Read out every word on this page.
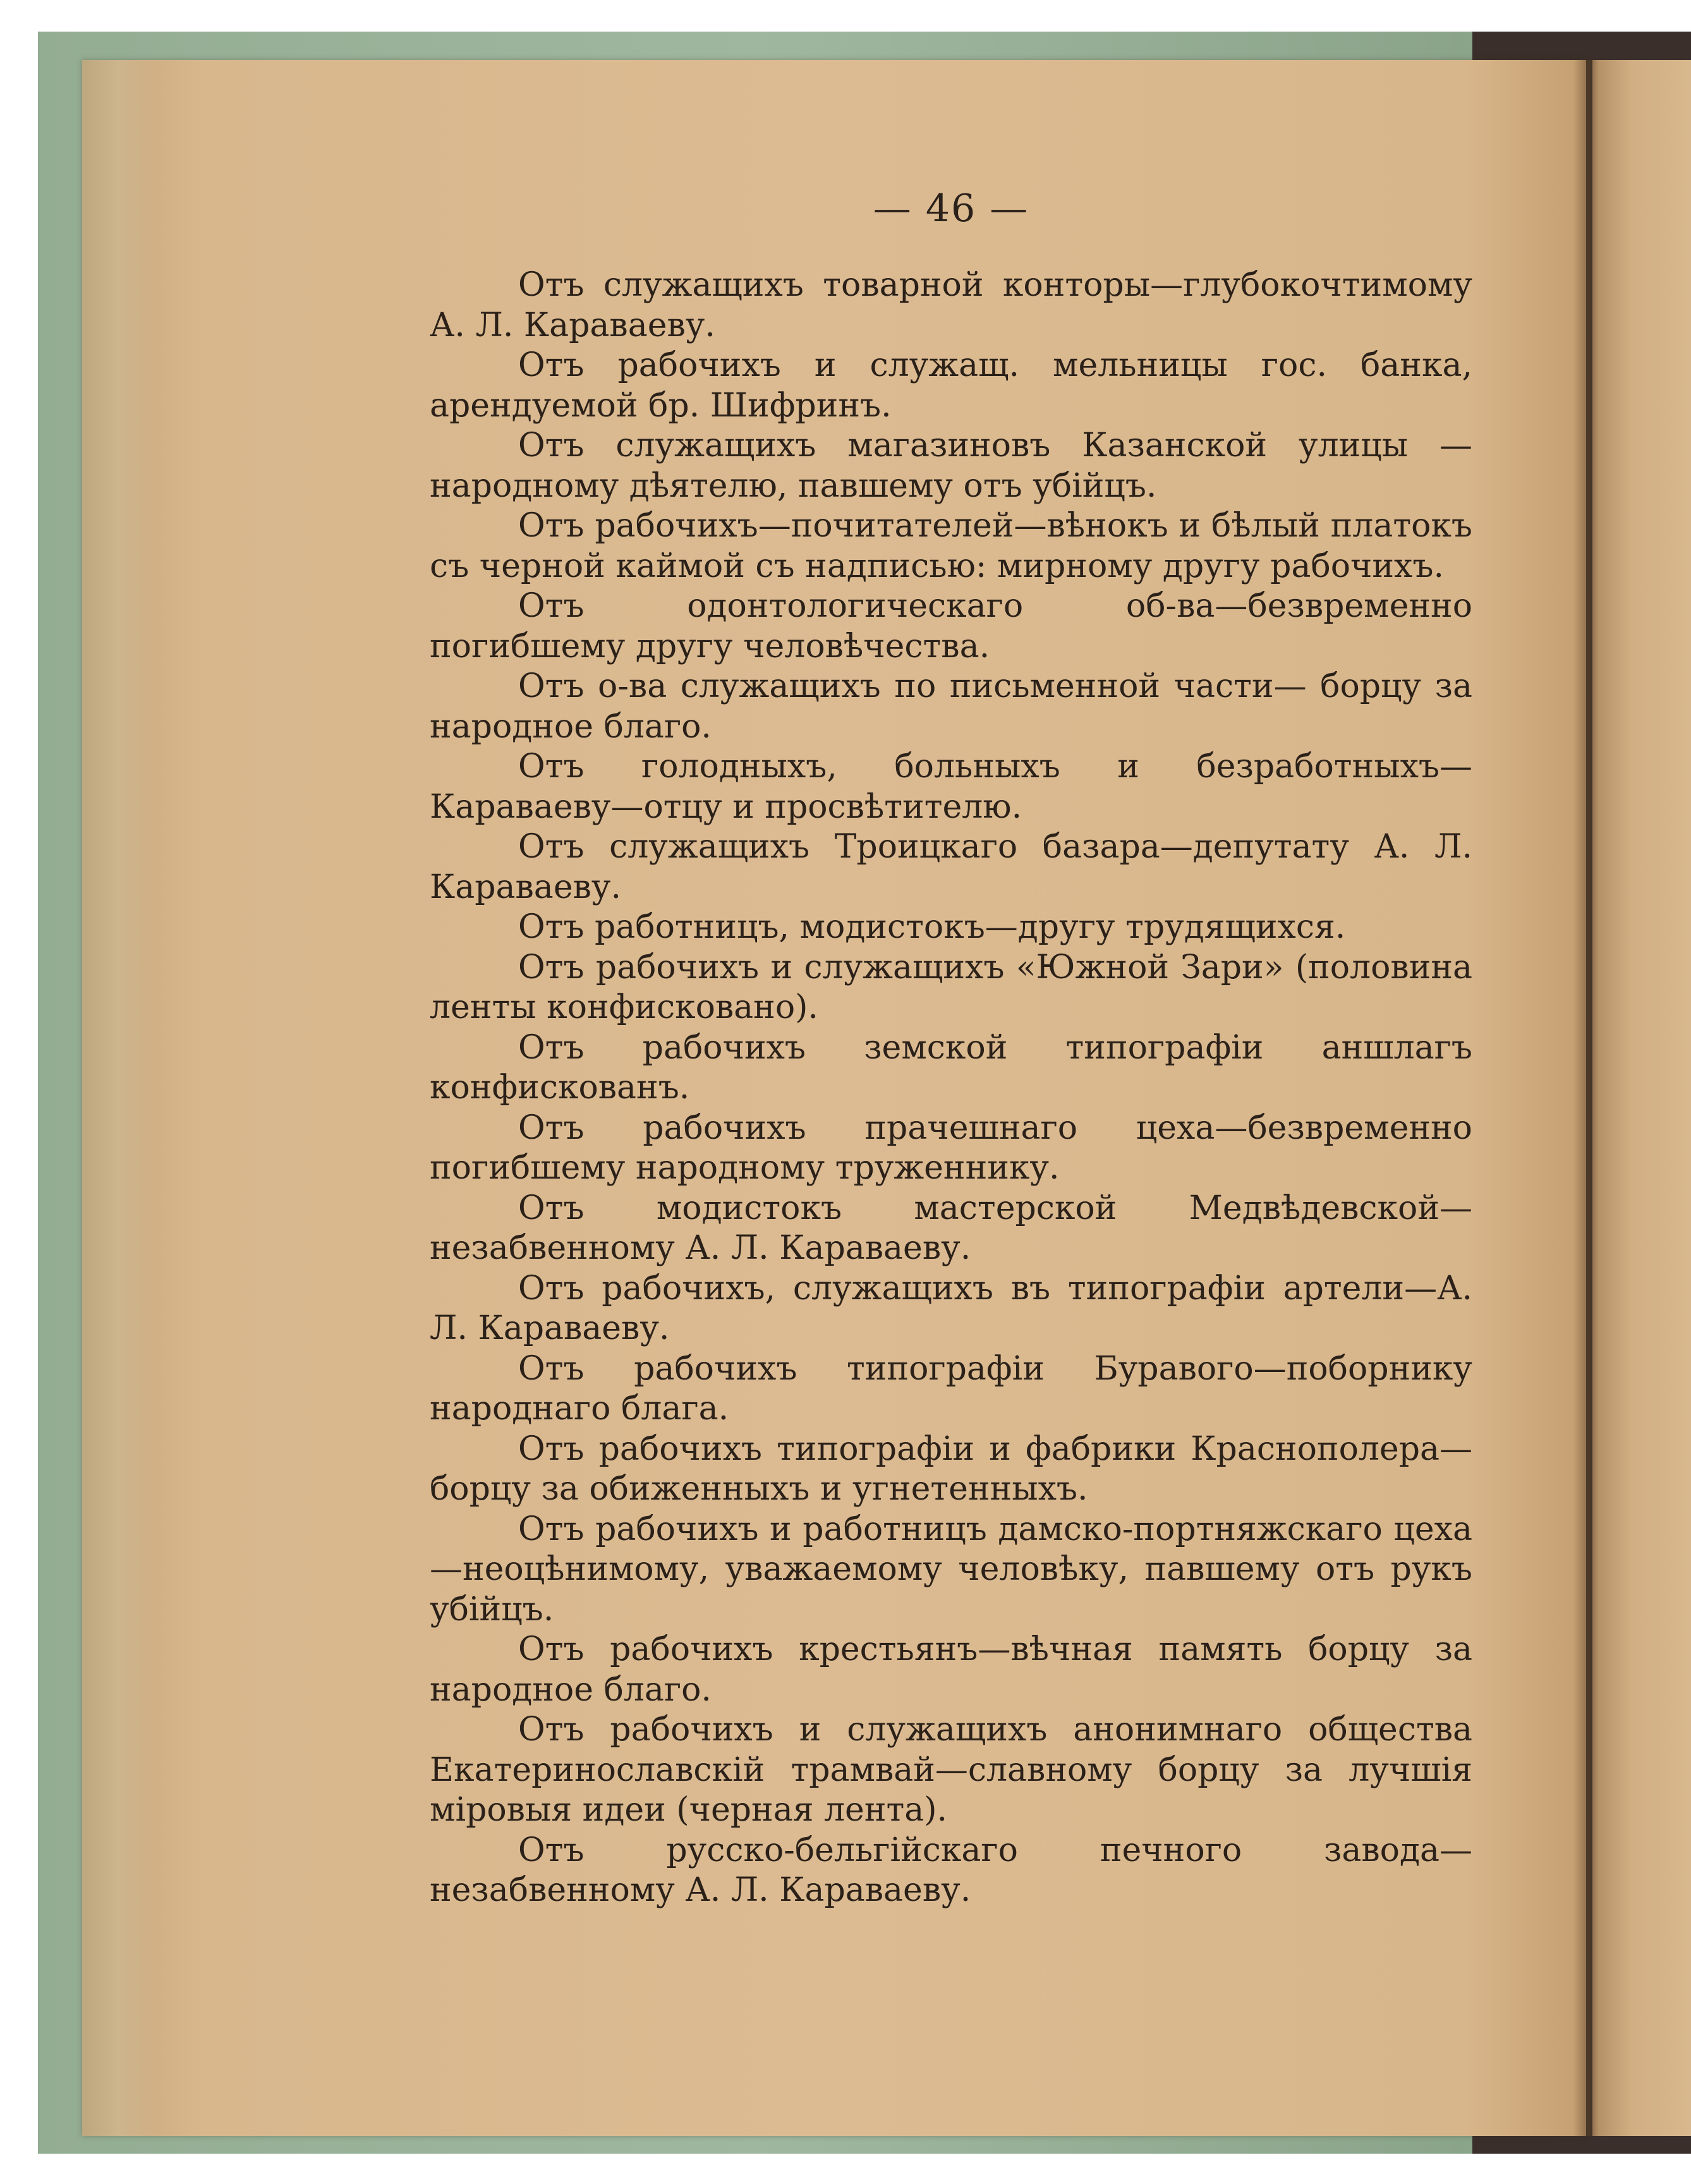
— 46 —
Отъ служащихъ товарной конторы—глубокочтимому А. Л. Караваеву.
Отъ рабочихъ и служащ. мельницы гос. банка, арендуемой бр. Шифринъ.
Отъ служащихъ магазиновъ Казанской улицы —народному дѣятелю, павшему отъ убійцъ.
Отъ рабочихъ—почитателей—вѣнокъ и бѣлый платокъ съ черной каймой съ надписью: мирному другу рабочихъ.
Отъ одонтологическаго об-ва—безвременно погибшему другу человѣчества.
Отъ о-ва служащихъ по письменной части— борцу за народное благо.
Отъ голодныхъ, больныхъ и безработныхъ— Караваеву—отцу и просвѣтителю.
Отъ служащихъ Троицкаго базара—депутату А. Л. Караваеву.
Отъ работницъ, модистокъ—другу трудящихся.
Отъ рабочихъ и служащихъ «Южной Зари» (половина ленты конфисковано).
Отъ рабочихъ земской типографіи аншлагъ конфискованъ.
Отъ рабочихъ прачешнаго цеха—безвременно погибшему народному труженнику.
Отъ модистокъ мастерской Медвѣдевской—незабвенному А. Л. Караваеву.
Отъ рабочихъ, служащихъ въ типографіи артели—А. Л. Караваеву.
Отъ рабочихъ типографіи Буравого—поборнику народнаго блага.
Отъ рабочихъ типографіи и фабрики Краснополера—борцу за обиженныхъ и угнетенныхъ.
Отъ рабочихъ и работницъ дамско-портняжскаго цеха—неоцѣнимому, уважаемому человѣку, павшему отъ рукъ убійцъ.
Отъ рабочихъ крестьянъ—вѣчная память борцу за народное благо.
Отъ рабочихъ и служащихъ анонимнаго общества Екатеринославскій трамвай—славному борцу за лучшія міровыя идеи (черная лента).
Отъ русско-бельгійскаго печного завода—незабвенному А. Л. Караваеву.
